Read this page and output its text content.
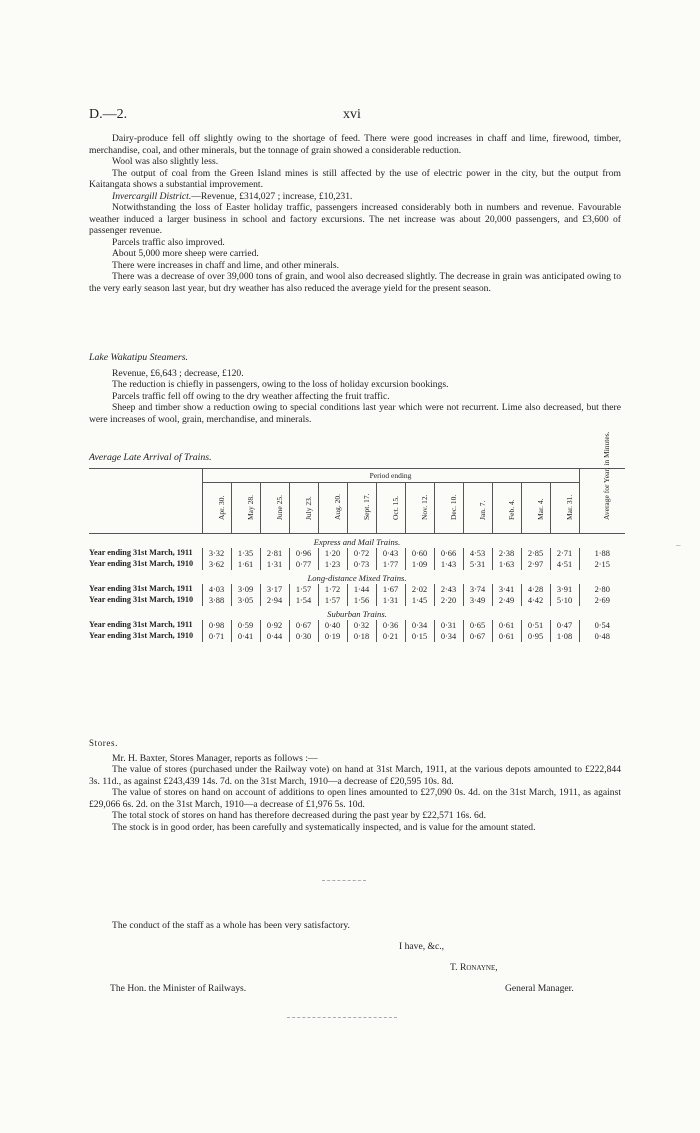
D.—2.	xvi

Dairy-produce fell off slightly owing to the shortage of feed. There were good increases in chaff and lime, firewood, timber, merchandise, coal, and other minerals, but the tonnage of grain showed a considerable reduction.

Wool was also slightly less.

The output of coal from the Green Island mines is still affected by the use of electric power in the city, but the output from Kaitangata shows a substantial improvement.

Invercargill District.—Revenue, £314,027 ; increase, £10,231.

Notwithstanding the loss of Easter holiday traffic, passengers increased considerably both in numbers and revenue. Favourable weather induced a larger business in school and factory excursions. The net increase was about 20,000 passengers, and £3,600 of passenger revenue.

Parcels traffic also improved.

About 5,000 more sheep were carried.

There were increases in chaff and lime, and other minerals.

There was a decrease of over 39,000 tons of grain, and wool also decreased slightly. The decrease in grain was anticipated owing to the very early season last year, but dry weather has also reduced the average yield for the present season.

Lake Wakatipu Steamers.

Revenue, £6,643 ; decrease, £120.

The reduction is chiefly in passengers, owing to the loss of holiday excursion bookings.

Parcels traffic fell off owing to the dry weather affecting the fruit traffic.

Sheep and timber show a reduction owing to special conditions last year which were not recurrent. Lime also decreased, but there were increases of wool, grain, merchandise, and minerals.

Average Late Arrival of Trains.

	Period ending													Average for Year, in Minutes.

	Apr. 30.	May 28.	June 25.	July 23.	Aug. 20.	Sept. 17.	Oct. 15.	Nov. 12.	Dec. 10.	Jan. 7.	Feb. 4.	Mar. 4.	Mar. 31.	

Express and Mail Trains.														
Year ending 31st March, 1911	3·32	1·35	2·81	0·96	1·20	0·72	0·43	0·60	0·66	4·53	2·38	2·85	2·71	1·88
Year ending 31st March, 1910	3·62	1·61	1·31	0·77	1·23	0·73	1·77	1·09	1·43	5·31	1·63	2·97	4·51	2·15
Long-distance Mixed Trains.														
Year ending 31st March, 1911	4·03	3·09	3·17	1·57	1·72	1·44	1·67	2·02	2·43	3·74	3·41	4·28	3·91	2·80
Year ending 31st March, 1910	3·88	3·05	2·94	1·54	1·57	1·56	1·31	1·45	2·20	3·49	2·49	4·42	5·10	2·69
Suburban Trains.														
Year ending 31st March, 1911	0·98	0·59	0·92	0·67	0·40	0·32	0·36	0·34	0·31	0·65	0·61	0·51	0·47	0·54
Year ending 31st March, 1910	0·71	0·41	0·44	0·30	0·19	0·18	0·21	0·15	0·34	0·67	0·61	0·95	1·08	0·48

Stores.

Mr. H. Baxter, Stores Manager, reports as follows :—

The value of stores (purchased under the Railway vote) on hand at 31st March, 1911, at the various depots amounted to £222,844 3s. 11d., as against £243,439 14s. 7d. on the 31st March, 1910—a decrease of £20,595 10s. 8d.

The value of stores on hand on account of additions to open lines amounted to £27,090 0s. 4d. on the 31st March, 1911, as against £29,066 6s. 2d. on the 31st March, 1910—a decrease of £1,976 5s. 10d.

The total stock of stores on hand has therefore decreased during the past year by £22,571 16s. 6d.

The stock is in good order, has been carefully and systematically inspected, and is value for the amount stated.

The conduct of the staff as a whole has been very satisfactory.

I have, &c.,

T. Ronayne,

The Hon. the Minister of Railways.	General Manager.
–
